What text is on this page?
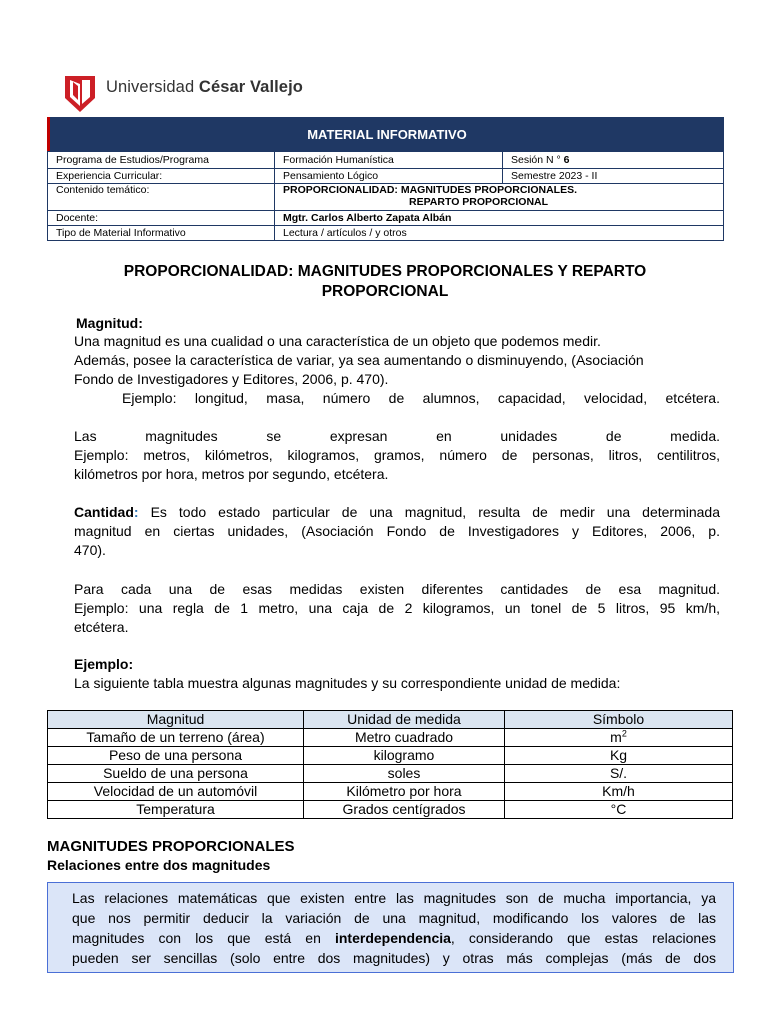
Universidad César Vallejo
MATERIAL INFORMATIVO
Programa de Estudios/Programa	Formación Humanística	Sesión N ° 6
Experiencia Curricular:	Pensamiento Lógico	Semestre 2023 - II
Contenido temático:	PROPORCIONALIDAD: MAGNITUDES PROPORCIONALES.
REPARTO PROPORCIONAL
Docente:	Mgtr. Carlos Alberto Zapata Albán
Tipo de Material Informativo	Lectura / artículos / y otros
PROPORCIONALIDAD: MAGNITUDES PROPORCIONALES Y REPARTO
PROPORCIONAL
Magnitud:
Una magnitud es una cualidad o una característica de un objeto que podemos medir.
Además, posee la característica de variar, ya sea aumentando o disminuyendo, (Asociación
Fondo de Investigadores y Editores, 2006, p. 470).
Ejemplo: longitud, masa, número de alumnos, capacidad, velocidad, etcétera.
Las magnitudes se expresan en unidades de medida.
Ejemplo: metros, kilómetros, kilogramos, gramos, número de personas, litros, centilitros,
kilómetros por hora, metros por segundo, etcétera.
Cantidad: Es todo estado particular de una magnitud, resulta de medir una determinada
magnitud en ciertas unidades, (Asociación Fondo de Investigadores y Editores, 2006, p.
470).
Para cada una de esas medidas existen diferentes cantidades de esa magnitud.
Ejemplo: una regla de 1 metro, una caja de 2 kilogramos, un tonel de 5 litros, 95 km/h,
etcétera.
Ejemplo:
La siguiente tabla muestra algunas magnitudes y su correspondiente unidad de medida:
Magnitud	Unidad de medida	Símbolo
Tamaño de un terreno (área)	Metro cuadrado	$m^2$
Peso de una persona	kilogramo	Kg
Sueldo de una persona	soles	S/.
Velocidad de un automóvil	Kilómetro por hora	Km/h
Temperatura	Grados centígrados	°C
MAGNITUDES PROPORCIONALES
Relaciones entre dos magnitudes
Las relaciones matemáticas que existen entre las magnitudes son de mucha importancia, ya
que nos permitir deducir la variación de una magnitud, modificando los valores de las
magnitudes con los que está en interdependencia, considerando que estas relaciones
pueden ser sencillas (solo entre dos magnitudes) y otras más complejas (más de dos
